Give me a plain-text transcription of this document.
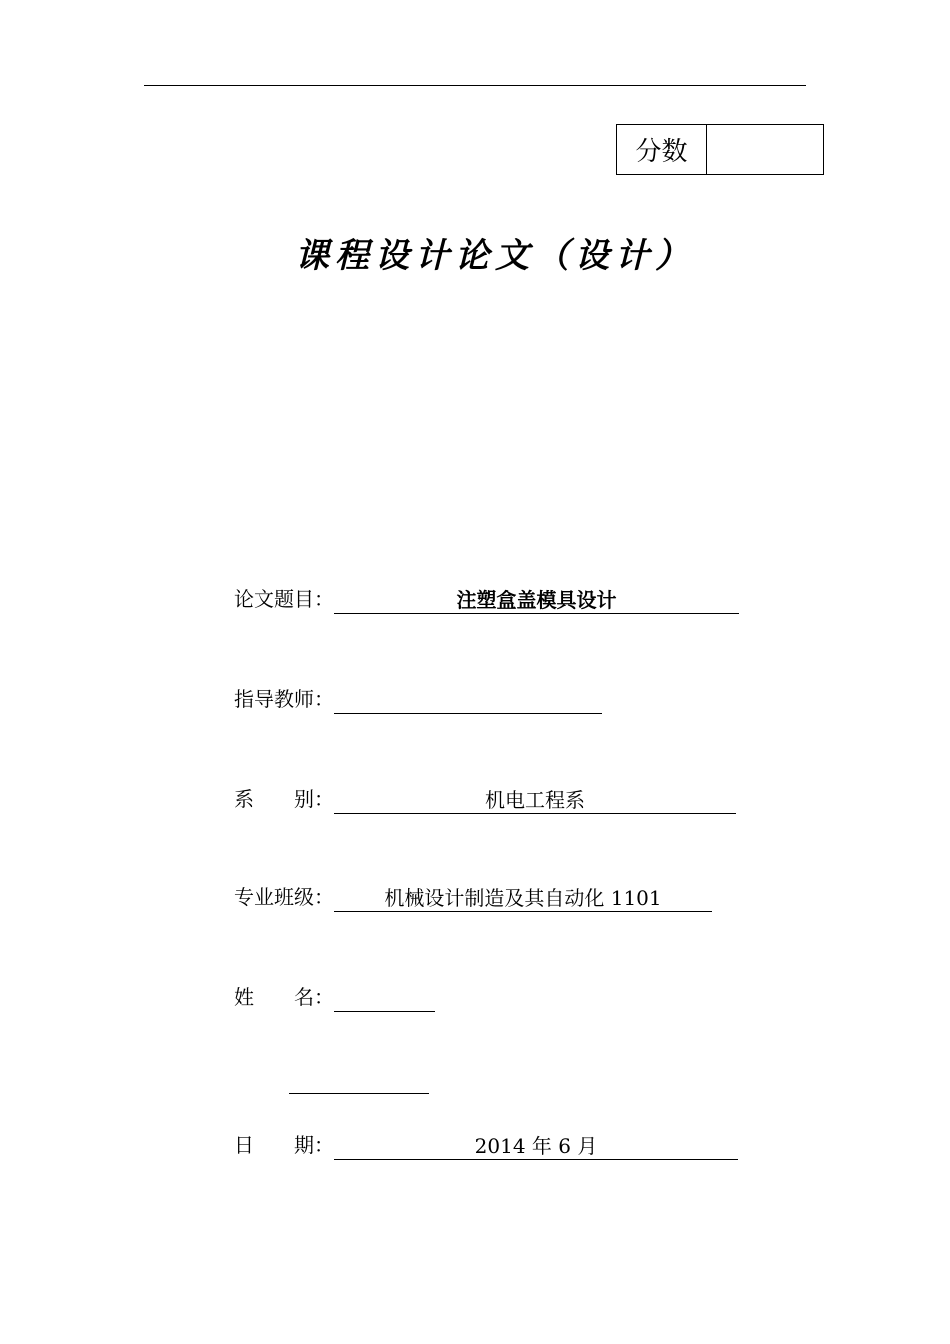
分数
课程设计论文（设计）
论文题目：	注塑盒盖模具设计
指导教师：
系　　别：	机电工程系
专业班级：	机械设计制造及其自动化 1101
姓　　名：
日　　期：	2014 年 6 月
